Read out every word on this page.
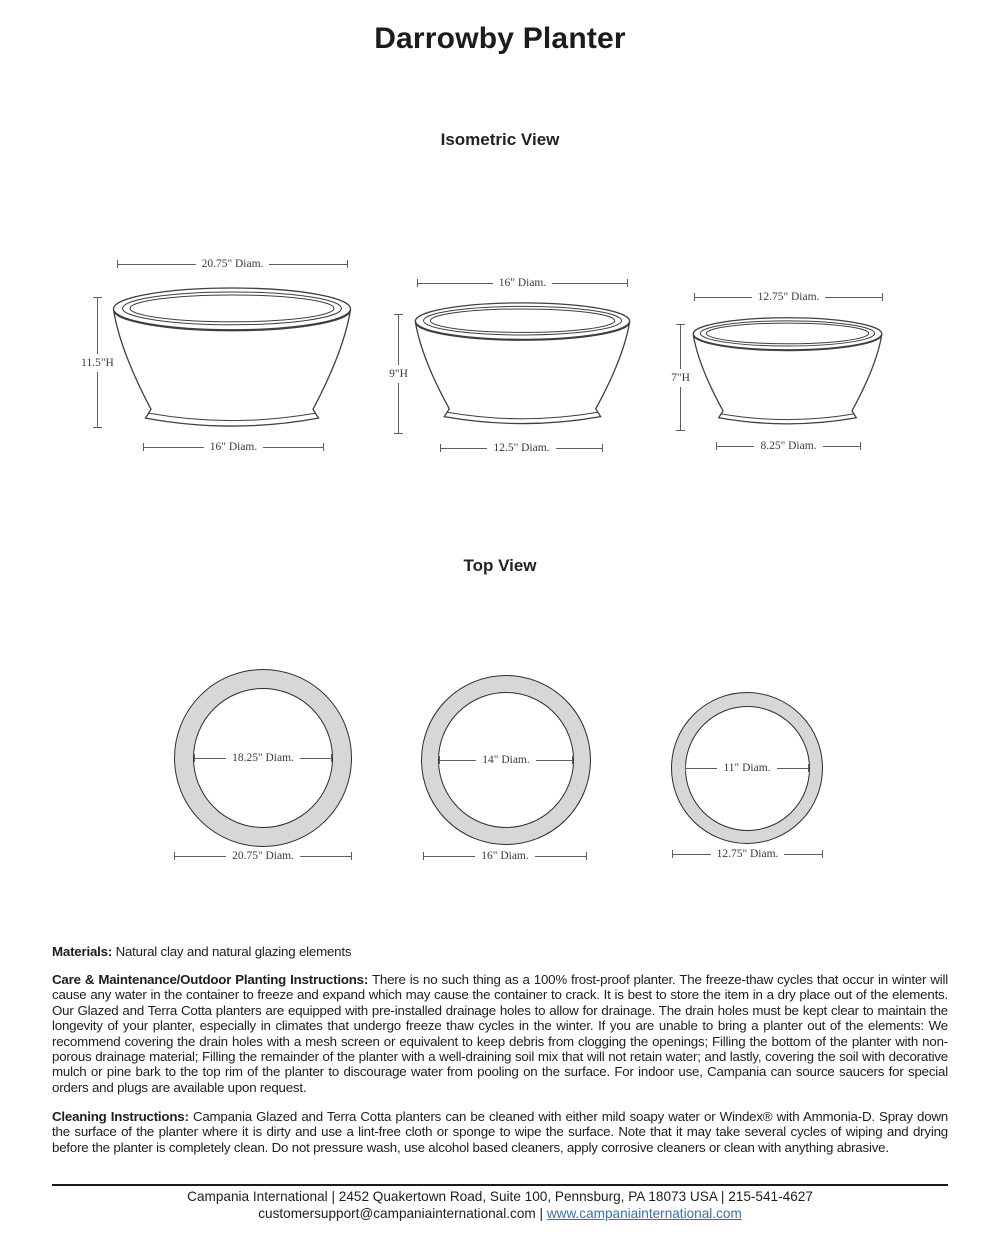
Darrowby Planter
Isometric View
20.75" Diam.
11.5"H
16" Diam.
16" Diam.
9"H
12.5" Diam.
12.75" Diam.
7"H
8.25" Diam.
Top View
18.25" Diam.
20.75" Diam.
14" Diam.
16" Diam.
11" Diam.
12.75" Diam.

Materials: Natural clay and natural glazing elements

Care & Maintenance/Outdoor Planting Instructions: There is no such thing as a 100% frost-proof planter. The freeze-thaw cycles that occur in winter will cause any water in the container to freeze and expand which may cause the container to crack. It is best to store the item in a dry place out of the elements. Our Glazed and Terra Cotta planters are equipped with pre-installed drainage holes to allow for drainage. The drain holes must be kept clear to maintain the longevity of your planter, especially in climates that undergo freeze thaw cycles in the winter. If you are unable to bring a planter out of the elements: We recommend covering the drain holes with a mesh screen or equivalent to keep debris from clogging the openings; Filling the bottom of the planter with non-porous drainage material; Filling the remainder of the planter with a well-draining soil mix that will not retain water; and lastly, covering the soil with decorative mulch or pine bark to the top rim of the planter to discourage water from pooling on the surface. For indoor use, Campania can source saucers for special orders and plugs are available upon request.

Cleaning Instructions: Campania Glazed and Terra Cotta planters can be cleaned with either mild soapy water or Windex® with Ammonia-D. Spray down the surface of the planter where it is dirty and use a lint-free cloth or sponge to wipe the surface. Note that it may take several cycles of wiping and drying before the planter is completely clean. Do not pressure wash, use alcohol based cleaners, apply corrosive cleaners or clean with anything abrasive.

Campania International | 2452 Quakertown Road, Suite 100, Pennsburg, PA 18073 USA | 215-541-4627
customersupport@campaniainternational.com | www.campaniainternational.com
